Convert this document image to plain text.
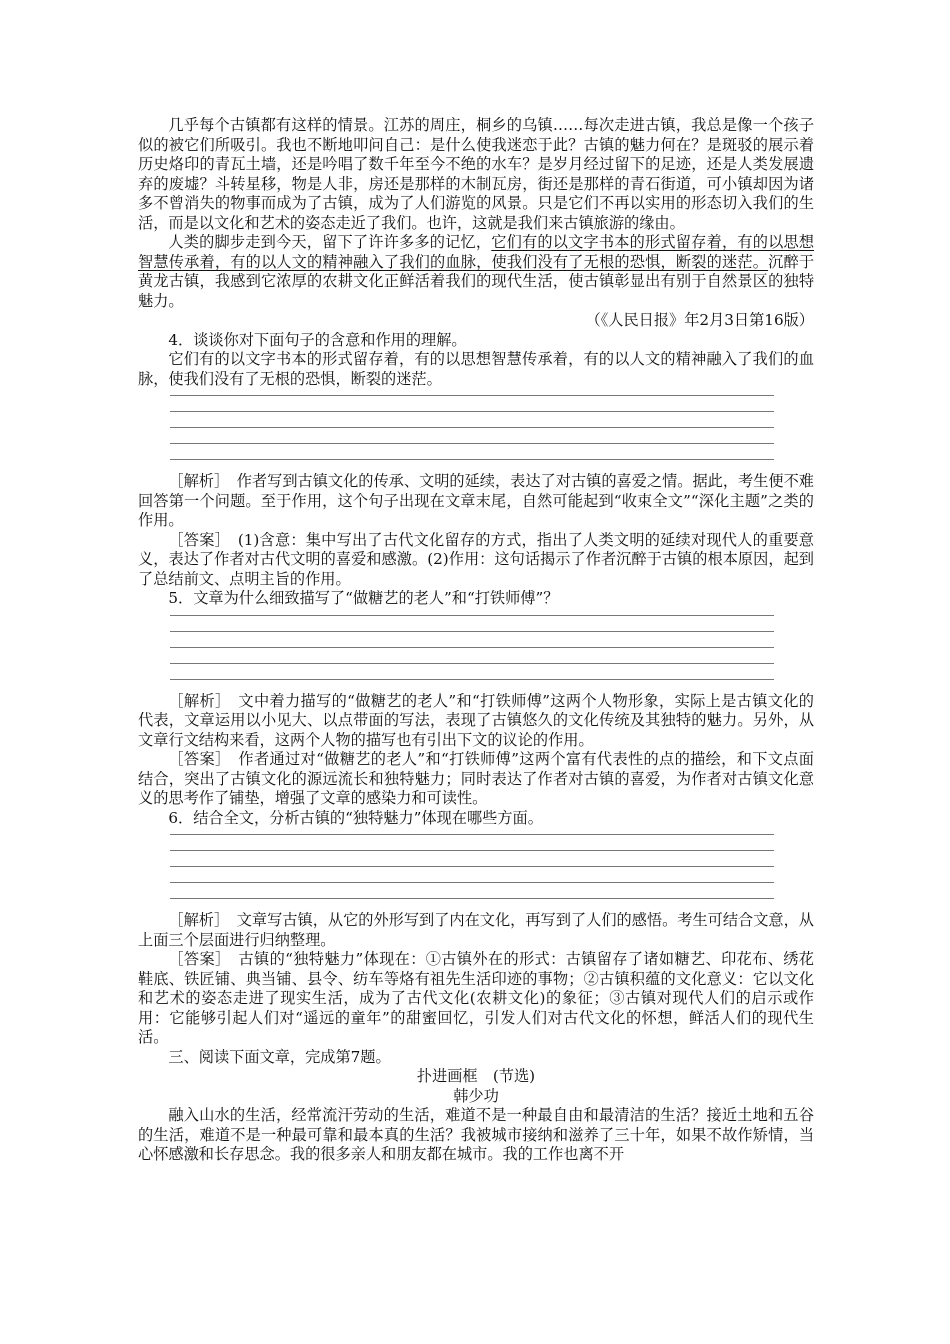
几乎每个古镇都有这样的情景。江苏的周庄，桐乡的乌镇……每次走进古镇，我总是像一个孩子似的被它们所吸引。我也不断地叩问自己：是什么使我迷恋于此？古镇的魅力何在？是斑驳的展示着历史烙印的青瓦土墙，还是吟唱了数千年至今不绝的水车？是岁月经过留下的足迹，还是人类发展遗弃的废墟？斗转星移，物是人非，房还是那样的木制瓦房，街还是那样的青石街道，可小镇却因为诸多不曾消失的物事而成为了古镇，成为了人们游览的风景。只是它们不再以实用的形态切入我们的生活，而是以文化和艺术的姿态走近了我们。也许，这就是我们来古镇旅游的缘由。

人类的脚步走到今天，留下了许许多多的记忆，它们有的以文字书本的形式留存着，有的以思想智慧传承着，有的以人文的精神融入了我们的血脉，使我们没有了无根的恐惧，断裂的迷茫。沉醉于黄龙古镇，我感到它浓厚的农耕文化正鲜活着我们的现代生活，使古镇彰显出有别于自然景区的独特魅力。

（《人民日报》年2月3日第16版）

4．谈谈你对下面句子的含意和作用的理解。

它们有的以文字书本的形式留存着，有的以思想智慧传承着，有的以人文的精神融入了我们的血脉，使我们没有了无根的恐惧，断裂的迷茫。

［解析］　作者写到古镇文化的传承、文明的延续，表达了对古镇的喜爱之情。据此，考生便不难回答第一个问题。至于作用，这个句子出现在文章末尾，自然可能起到“收束全文”“深化主题”之类的作用。

［答案］　(1)含意：集中写出了古代文化留存的方式，指出了人类文明的延续对现代人的重要意义，表达了作者对古代文明的喜爱和感激。(2)作用：这句话揭示了作者沉醉于古镇的根本原因，起到了总结前文、点明主旨的作用。

5．文章为什么细致描写了“做糖艺的老人”和“打铁师傅”？

［解析］　文中着力描写的“做糖艺的老人”和“打铁师傅”这两个人物形象，实际上是古镇文化的代表，文章运用以小见大、以点带面的写法，表现了古镇悠久的文化传统及其独特的魅力。另外，从文章行文结构来看，这两个人物的描写也有引出下文的议论的作用。

［答案］　作者通过对“做糖艺的老人”和“打铁师傅”这两个富有代表性的点的描绘，和下文点面结合，突出了古镇文化的源远流长和独特魅力；同时表达了作者对古镇的喜爱，为作者对古镇文化意义的思考作了铺垫，增强了文章的感染力和可读性。

6．结合全文，分析古镇的“独特魅力”体现在哪些方面。

［解析］　文章写古镇，从它的外形写到了内在文化，再写到了人们的感悟。考生可结合文意，从上面三个层面进行归纳整理。

［答案］　古镇的“独特魅力”体现在：①古镇外在的形式：古镇留存了诸如糖艺、印花布、绣花鞋底、铁匠铺、典当铺、县令、纺车等烙有祖先生活印迹的事物；②古镇积蕴的文化意义：它以文化和艺术的姿态走进了现实生活，成为了古代文化(农耕文化)的象征；③古镇对现代人们的启示或作用：它能够引起人们对“遥远的童年”的甜蜜回忆，引发人们对古代文化的怀想，鲜活人们的现代生活。

三、阅读下面文章，完成第7题。

扑进画框　(节选)

韩少功

融入山水的生活，经常流汗劳动的生活，难道不是一种最自由和最清洁的生活？接近土地和五谷的生活，难道不是一种最可靠和最本真的生活？我被城市接纳和滋养了三十年，如果不故作矫情，当心怀感激和长存思念。我的很多亲人和朋友都在城市。我的工作也离不开
